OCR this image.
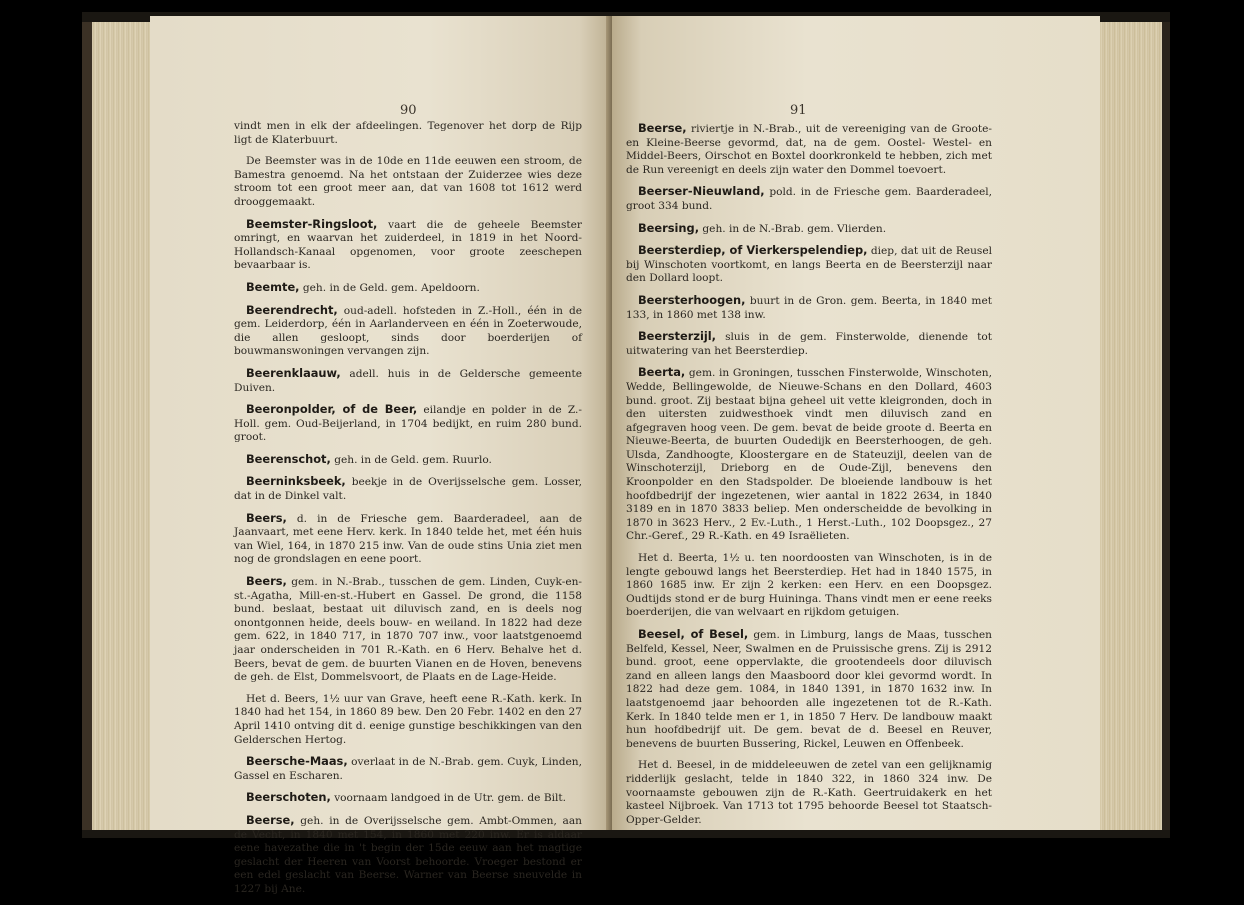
90

vindt men in elk der afdeelingen. Tegenover het dorp de Rijp ligt de Klaterbuurt.

De Beemster was in de 10de en 11de eeuwen een stroom, de Bamestra genoemd. Na het ontstaan der Zuiderzee wies deze stroom tot een groot meer aan, dat van 1608 tot 1612 werd drooggemaakt.

Beemster-Ringsloot, vaart die de geheele Beemster omringt, en waarvan het zuiderdeel, in 1819 in het Noord-Hollandsch-Kanaal opgenomen, voor groote zeeschepen bevaarbaar is.

Beemte, geh. in de Geld. gem. Apeldoorn.

Beerendrecht, oud-adell. hofsteden in Z.-Holl., één in de gem. Leiderdorp, één in Aarlanderveen en één in Zoeterwoude, die allen gesloopt, sinds door boerderijen of bouwmanswoningen vervangen zijn.

Beerenklaauw, adell. huis in de Geldersche gemeente Duiven.

Beeronpolder, of de Beer, eilandje en polder in de Z.-Holl. gem. Oud-Beijerland, in 1704 bedijkt, en ruim 280 bund. groot.

Beerenschot, geh. in de Geld. gem. Ruurlo.

Beerninksbeek, beekje in de Overijsselsche gem. Losser, dat in de Dinkel valt.

Beers, d. in de Friesche gem. Baarderadeel, aan de Jaanvaart, met eene Herv. kerk. In 1840 telde het, met één huis van Wiel, 164, in 1870 215 inw. Van de oude stins Unia ziet men nog de grondslagen en eene poort.

Beers, gem. in N.-Brab., tusschen de gem. Linden, Cuyk-en-st.-Agatha, Mill-en-st.-Hubert en Gassel. De grond, die 1158 bund. beslaat, bestaat uit diluvisch zand, en is deels nog onontgonnen heide, deels bouw- en weiland. In 1822 had deze gem. 622, in 1840 717, in 1870 707 inw., voor laatstgenoemd jaar onderscheiden in 701 R.-Kath. en 6 Herv. Behalve het d. Beers, bevat de gem. de buurten Vianen en de Hoven, benevens de geh. de Elst, Dommelsvoort, de Plaats en de Lage-Heide.

Het d. Beers, 1½ uur van Grave, heeft eene R.-Kath. kerk. In 1840 had het 154, in 1860 89 bew. Den 20 Febr. 1402 en den 27 April 1410 ontving dit d. eenige gunstige beschikkingen van den Gelderschen Hertog.

Beersche-Maas, overlaat in de N.-Brab. gem. Cuyk, Linden, Gassel en Escharen.

Beerschoten, voornaam landgoed in de Utr. gem. de Bilt.

Beerse, geh. in de Overijsselsche gem. Ambt-Ommen, aan de Vecht, in 1840 met 154, in 1860 met 220 inw. Er is aldaar eene havezathe die in 't begin der 15de eeuw aan het magtige geslacht der Heeren van Voorst behoorde. Vroeger bestond er een edel geslacht van Beerse. Warner van Beerse sneuvelde in 1227 bij Ane.

91

Beerse, riviertje in N.-Brab., uit de vereeniging van de Groote- en Kleine-Beerse gevormd, dat, na de gem. Oostel- Westel- en Middel-Beers, Oirschot en Boxtel doorkronkeld te hebben, zich met de Run vereenigt en deels zijn water den Dommel toevoert.

Beerser-Nieuwland, pold. in de Friesche gem. Baarderadeel, groot 334 bund.

Beersing, geh. in de N.-Brab. gem. Vlierden.

Beersterdiep, of Vierkerspelendiep, diep, dat uit de Reusel bij Winschoten voortkomt, en langs Beerta en de Beersterzijl naar den Dollard loopt.

Beersterhoogen, buurt in de Gron. gem. Beerta, in 1840 met 133, in 1860 met 138 inw.

Beersterzijl, sluis in de gem. Finsterwolde, dienende tot uitwatering van het Beersterdiep.

Beerta, gem. in Groningen, tusschen Finsterwolde, Winschoten, Wedde, Bellingewolde, de Nieuwe-Schans en den Dollard, 4603 bund. groot. Zij bestaat bijna geheel uit vette kleigronden, doch in den uitersten zuidwesthoek vindt men diluvisch zand en afgegraven hoog veen. De gem. bevat de beide groote d. Beerta en Nieuwe-Beerta, de buurten Oudedijk en Beersterhoogen, de geh. Ulsda, Zandhoogte, Kloostergare en de Stateuzijl, deelen van de Winschoterzijl, Drieborg en de Oude-Zijl, benevens den Kroonpolder en den Stadspolder. De bloeiende landbouw is het hoofdbedrijf der ingezetenen, wier aantal in 1822 2634, in 1840 3189 en in 1870 3833 beliep. Men onderscheidde de bevolking in 1870 in 3623 Herv., 2 Ev.-Luth., 1 Herst.-Luth., 102 Doopsgez., 27 Chr.-Geref., 29 R.-Kath. en 49 Israëlieten.

Het d. Beerta, 1½ u. ten noordoosten van Winschoten, is in de lengte gebouwd langs het Beersterdiep. Het had in 1840 1575, in 1860 1685 inw. Er zijn 2 kerken: een Herv. en een Doopsgez. Oudtijds stond er de burg Huininga. Thans vindt men er eene reeks boerderijen, die van welvaart en rijkdom getuigen.

Beesel, of Besel, gem. in Limburg, langs de Maas, tusschen Belfeld, Kessel, Neer, Swalmen en de Pruissische grens. Zij is 2912 bund. groot, eene oppervlakte, die grootendeels door diluvisch zand en alleen langs den Maasboord door klei gevormd wordt. In 1822 had deze gem. 1084, in 1840 1391, in 1870 1632 inw. In laatstgenoemd jaar behoorden alle ingezetenen tot de R.-Kath. Kerk. In 1840 telde men er 1, in 1850 7 Herv. De landbouw maakt hun hoofdbedrijf uit. De gem. bevat de d. Beesel en Reuver, benevens de buurten Bussering, Rickel, Leuwen en Offenbeek.

Het d. Beesel, in de middeleeuwen de zetel van een gelijknamig ridderlijk geslacht, telde in 1840 322, in 1860 324 inw. De voornaamste gebouwen zijn de R.-Kath. Geertruidakerk en het kasteel Nijbroek. Van 1713 tot 1795 behoorde Beesel tot Staatsch-Opper-Gelder.
